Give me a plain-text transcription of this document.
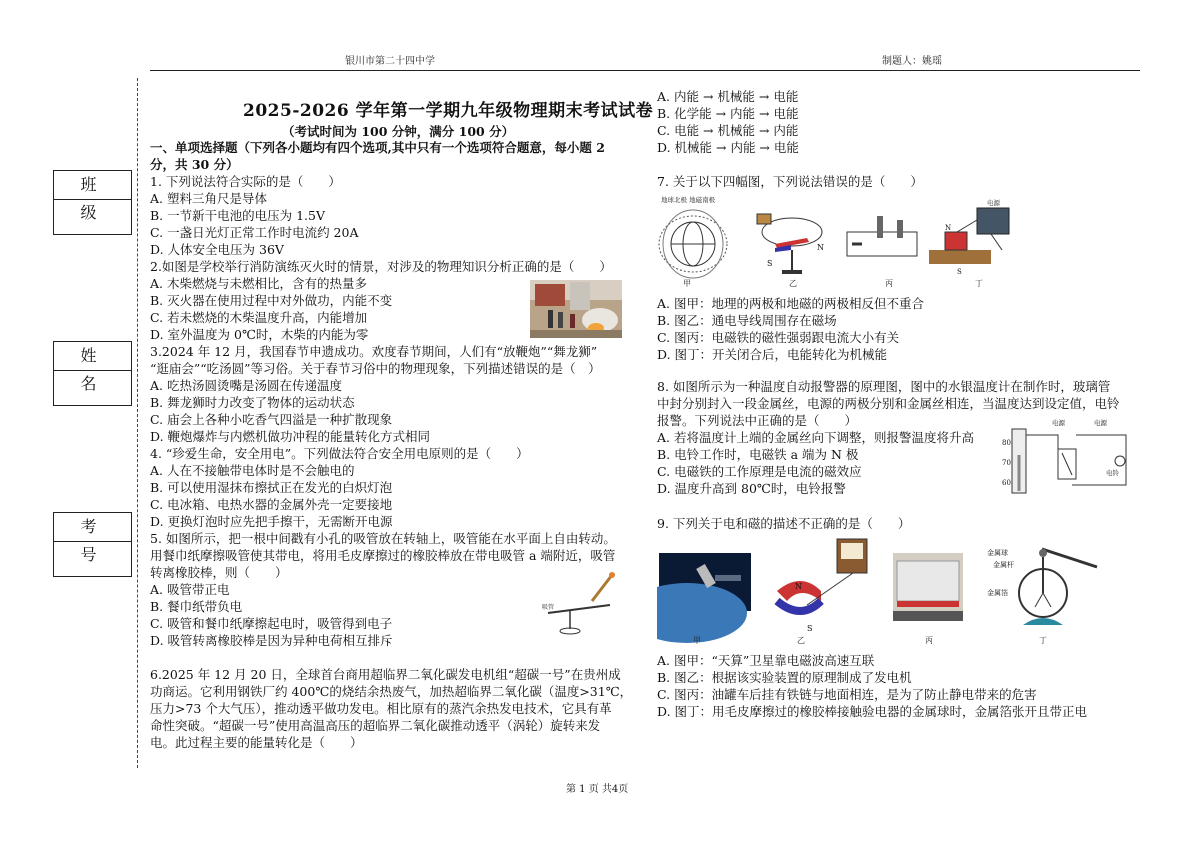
银川市第二十四中学	制题人：姚瑶
班级
姓名
考号
2025-2026 学年第一学期九年级物理期末考试试卷
（考试时间为 100 分钟，满分 100 分）
一、单项选择题（下列各小题均有四个选项,其中只有一个选项符合题意，每小题 2
分，共 30 分）
1. 下列说法符合实际的是（　　）
A. 塑料三角尺是导体
B. 一节新干电池的电压为 1.5V
C. 一盏日光灯正常工作时电流约 20A
D. 人体安全电压为 36V
2.如图是学校举行消防演练灭火时的情景，对涉及的物理知识分析正确的是（　　）
A. 木柴燃烧与未燃相比，含有的热量多
B. 灭火器在使用过程中对外做功，内能不变
C. 若未燃烧的木柴温度升高，内能增加
D. 室外温度为 0℃时，木柴的内能为零
3.2024 年 12 月，我国春节申遗成功。欢度春节期间，人们有“放鞭炮”“舞龙狮”
“逛庙会”“吃汤圆”等习俗。关于春节习俗中的物理现象，下列描述错误的是（　）
A. 吃热汤圆烫嘴是汤圆在传递温度
B. 舞龙狮时力改变了物体的运动状态
C. 庙会上各种小吃香气四溢是一种扩散现象
D. 鞭炮爆炸与内燃机做功冲程的能量转化方式相同
4. “珍爱生命，安全用电”。下列做法符合安全用电原则的是（　　）
A. 人在不接触带电体时是不会触电的
B. 可以使用湿抹布擦拭正在发光的白炽灯泡
C. 电冰箱、电热水器的金属外壳一定要接地
D. 更换灯泡时应先把手擦干，无需断开电源
5. 如图所示，把一根中间戳有小孔的吸管放在转轴上，吸管能在水平面上自由转动。
用餐巾纸摩擦吸管使其带电，将用毛皮摩擦过的橡胶棒放在带电吸管 a 端附近，吸管
转离橡胶棒，则（　　）
A. 吸管带正电
B. 餐巾纸带负电
C. 吸管和餐巾纸摩擦起电时，吸管得到电子
D. 吸管转离橡胶棒是因为异种电荷相互排斥

6.2025 年 12 月 20 日，全球首台商用超临界二氧化碳发电机组“超碳一号”在贵州成
功商运。它利用钢铁厂约 400℃的烧结余热废气，加热超临界二氧化碳（温度>31℃，
压力>73 个大气压），推动透平做功发电。相比原有的蒸汽余热发电技术，它具有革
命性突破。“超碳一号”使用高温高压的超临界二氧化碳推动透平（涡轮）旋转来发
电。此过程主要的能量转化是（　　）
吸管
A. 内能 → 机械能 → 电能
B. 化学能 → 内能 → 电能
C. 电能 → 机械能 → 内能
D. 机械能 → 内能 → 电能
7. 关于以下四幅图，下列说法错误的是（　　）
地球北极 地磁南极
甲
N
S
乙	丙
电源
S
N
丁
A. 图甲：地理的两极和地磁的两极相反但不重合
B. 图乙：通电导线周围存在磁场
C. 图丙：电磁铁的磁性强弱跟电流大小有关
D. 图丁：开关闭合后，电能转化为机械能
8. 如图所示为一种温度自动报警器的原理图，图中的水银温度计在制作时，玻璃管
中封分别封入一段金属丝，电源的两极分别和金属丝相连，当温度达到设定值，电铃
报警。下列说法中正确的是（　　）
A. 若将温度计上端的金属丝向下调整，则报警温度将升高
B. 电铃工作时，电磁铁 a 端为 N 极
C. 电磁铁的工作原理是电流的磁效应
D. 温度升高到 80℃时，电铃报警
80
70
60
电源	电源
电铃
9. 下列关于电和磁的描述不正确的是（　　）
甲
N
S
乙	丙
金属球
金属杆
金属箔
丁
A. 图甲：“天算”卫星靠电磁波高速互联
B. 图乙：根据该实验装置的原理制成了发电机
C. 图丙：油罐车后挂有铁链与地面相连，是为了防止静电带来的危害
D. 图丁：用毛皮摩擦过的橡胶棒接触验电器的金属球时，金属箔张开且带正电
第 1 页 共4页
